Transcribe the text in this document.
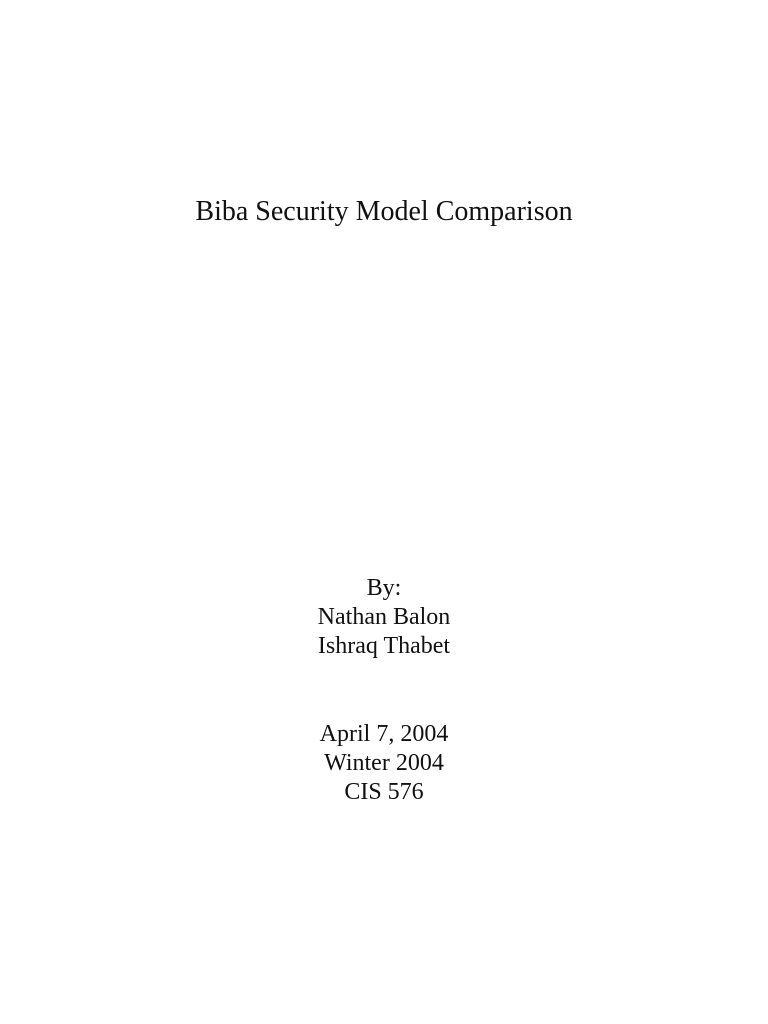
Biba Security Model Comparison
By:
Nathan Balon
Ishraq Thabet
April 7, 2004
Winter 2004
CIS 576
